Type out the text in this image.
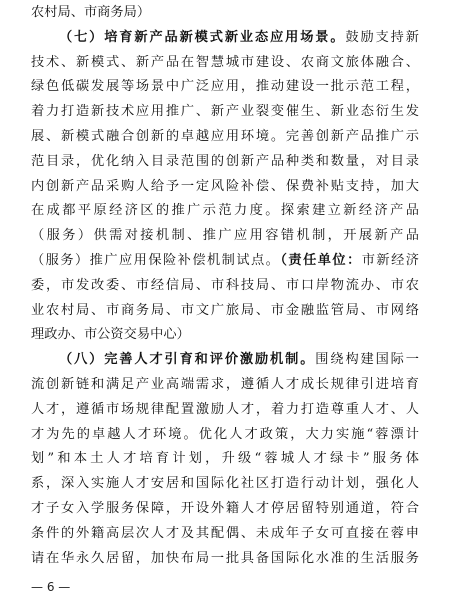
农村局、市商务局）
（七）培育新产品新模式新业态应用场景。鼓励支持新
技术、新模式、新产品在智慧城市建设、农商文旅体融合、
绿色低碳发展等场景中广泛应用，推动建设一批示范工程，
着力打造新技术应用推广、新产业裂变催生、新业态衍生发
展、新模式融合创新的卓越应用环境。完善创新产品推广示
范目录，优化纳入目录范围的创新产品种类和数量，对目录
内创新产品采购人给予一定风险补偿、保费补贴支持，加大
在成都平原经济区的推广示范力度。探索建立新经济产品
（服务）供需对接机制、推广应用容错机制，开展新产品
（服务）推广应用保险补偿机制试点。（责任单位：市新经济
委，市发改委、市经信局、市科技局、市口岸物流办、市农
业农村局、市商务局、市文广旅局、市金融监管局、市网络
理政办、市公资交易中心）
（八）完善人才引育和评价激励机制。围绕构建国际一
流创新链和满足产业高端需求，遵循人才成长规律引进培育
人才，遵循市场规律配置激励人才，着力打造尊重人才、人
才为先的卓越人才环境。优化人才政策，大力实施“蓉漂计
划”和本土人才培育计划，升级“蓉城人才绿卡”服务体
系，深入实施人才安居和国际化社区打造行动计划，强化人
才子女入学服务保障，开设外籍人才停居留特别通道，符合
条件的外籍高层次人才及其配偶、未成年子女可直接在蓉申
请在华永久居留，加快布局一批具备国际化水准的生活服务
— 6 —
